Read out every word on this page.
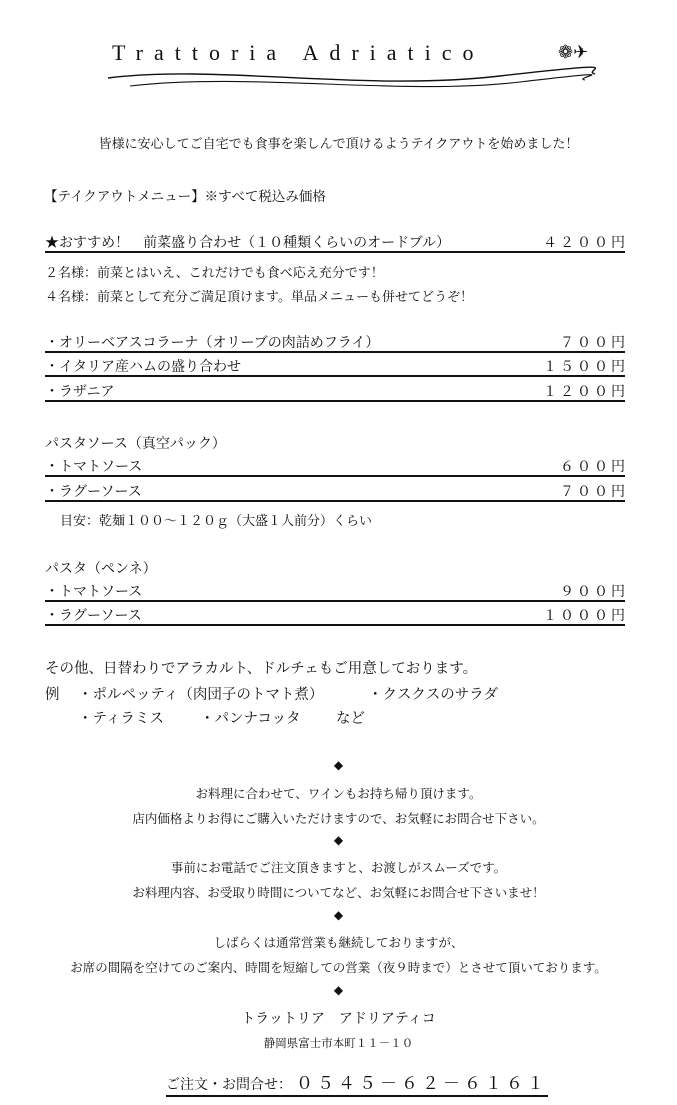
Trattoria Adriatico	❁✈
皆様に安心してご自宅でも食事を楽しんで頂けるようテイクアウトを始めました！
【テイクアウトメニュー】※すべて税込み価格
★おすすめ！　前菜盛り合わせ（１０種類くらいのオードブル）	４２００円
２名様：前菜とはいえ、これだけでも食べ応え充分です！
４名様：前菜として充分ご満足頂けます。単品メニューも併せてどうぞ！
・オリーベアスコラーナ（オリーブの肉詰めフライ）	７００円
・イタリア産ハムの盛り合わせ	１５００円
・ラザニア	１２００円
パスタソース（真空パック）
・トマトソース	６００円
・ラグーソース	７００円
目安：乾麺１００～１２０ｇ（大盛１人前分）くらい
パスタ（ペンネ）
・トマトソース	９００円
・ラグーソース	１０００円
その他、日替わりでアラカルト、ドルチェもご用意しております。
例 ・ポルペッティ（肉団子のトマト煮）	・クスクスのサラダ
・ティラミス ・パンナコッタ など
◆
お料理に合わせて、ワインもお持ち帰り頂けます。
店内価格よりお得にご購入いただけますので、お気軽にお問合せ下さい。
◆
事前にお電話でご注文頂きますと、お渡しがスムーズです。
お料理内容、お受取り時間についてなど、お気軽にお問合せ下さいませ！
◆
しばらくは通常営業も継続しておりますが、
お席の間隔を空けてのご案内、時間を短縮しての営業（夜９時まで）とさせて頂いております。
◆
トラットリア　アドリアティコ
静岡県富士市本町１１－１０
ご注文・お問合せ： ０５４５－６２－６１６１
